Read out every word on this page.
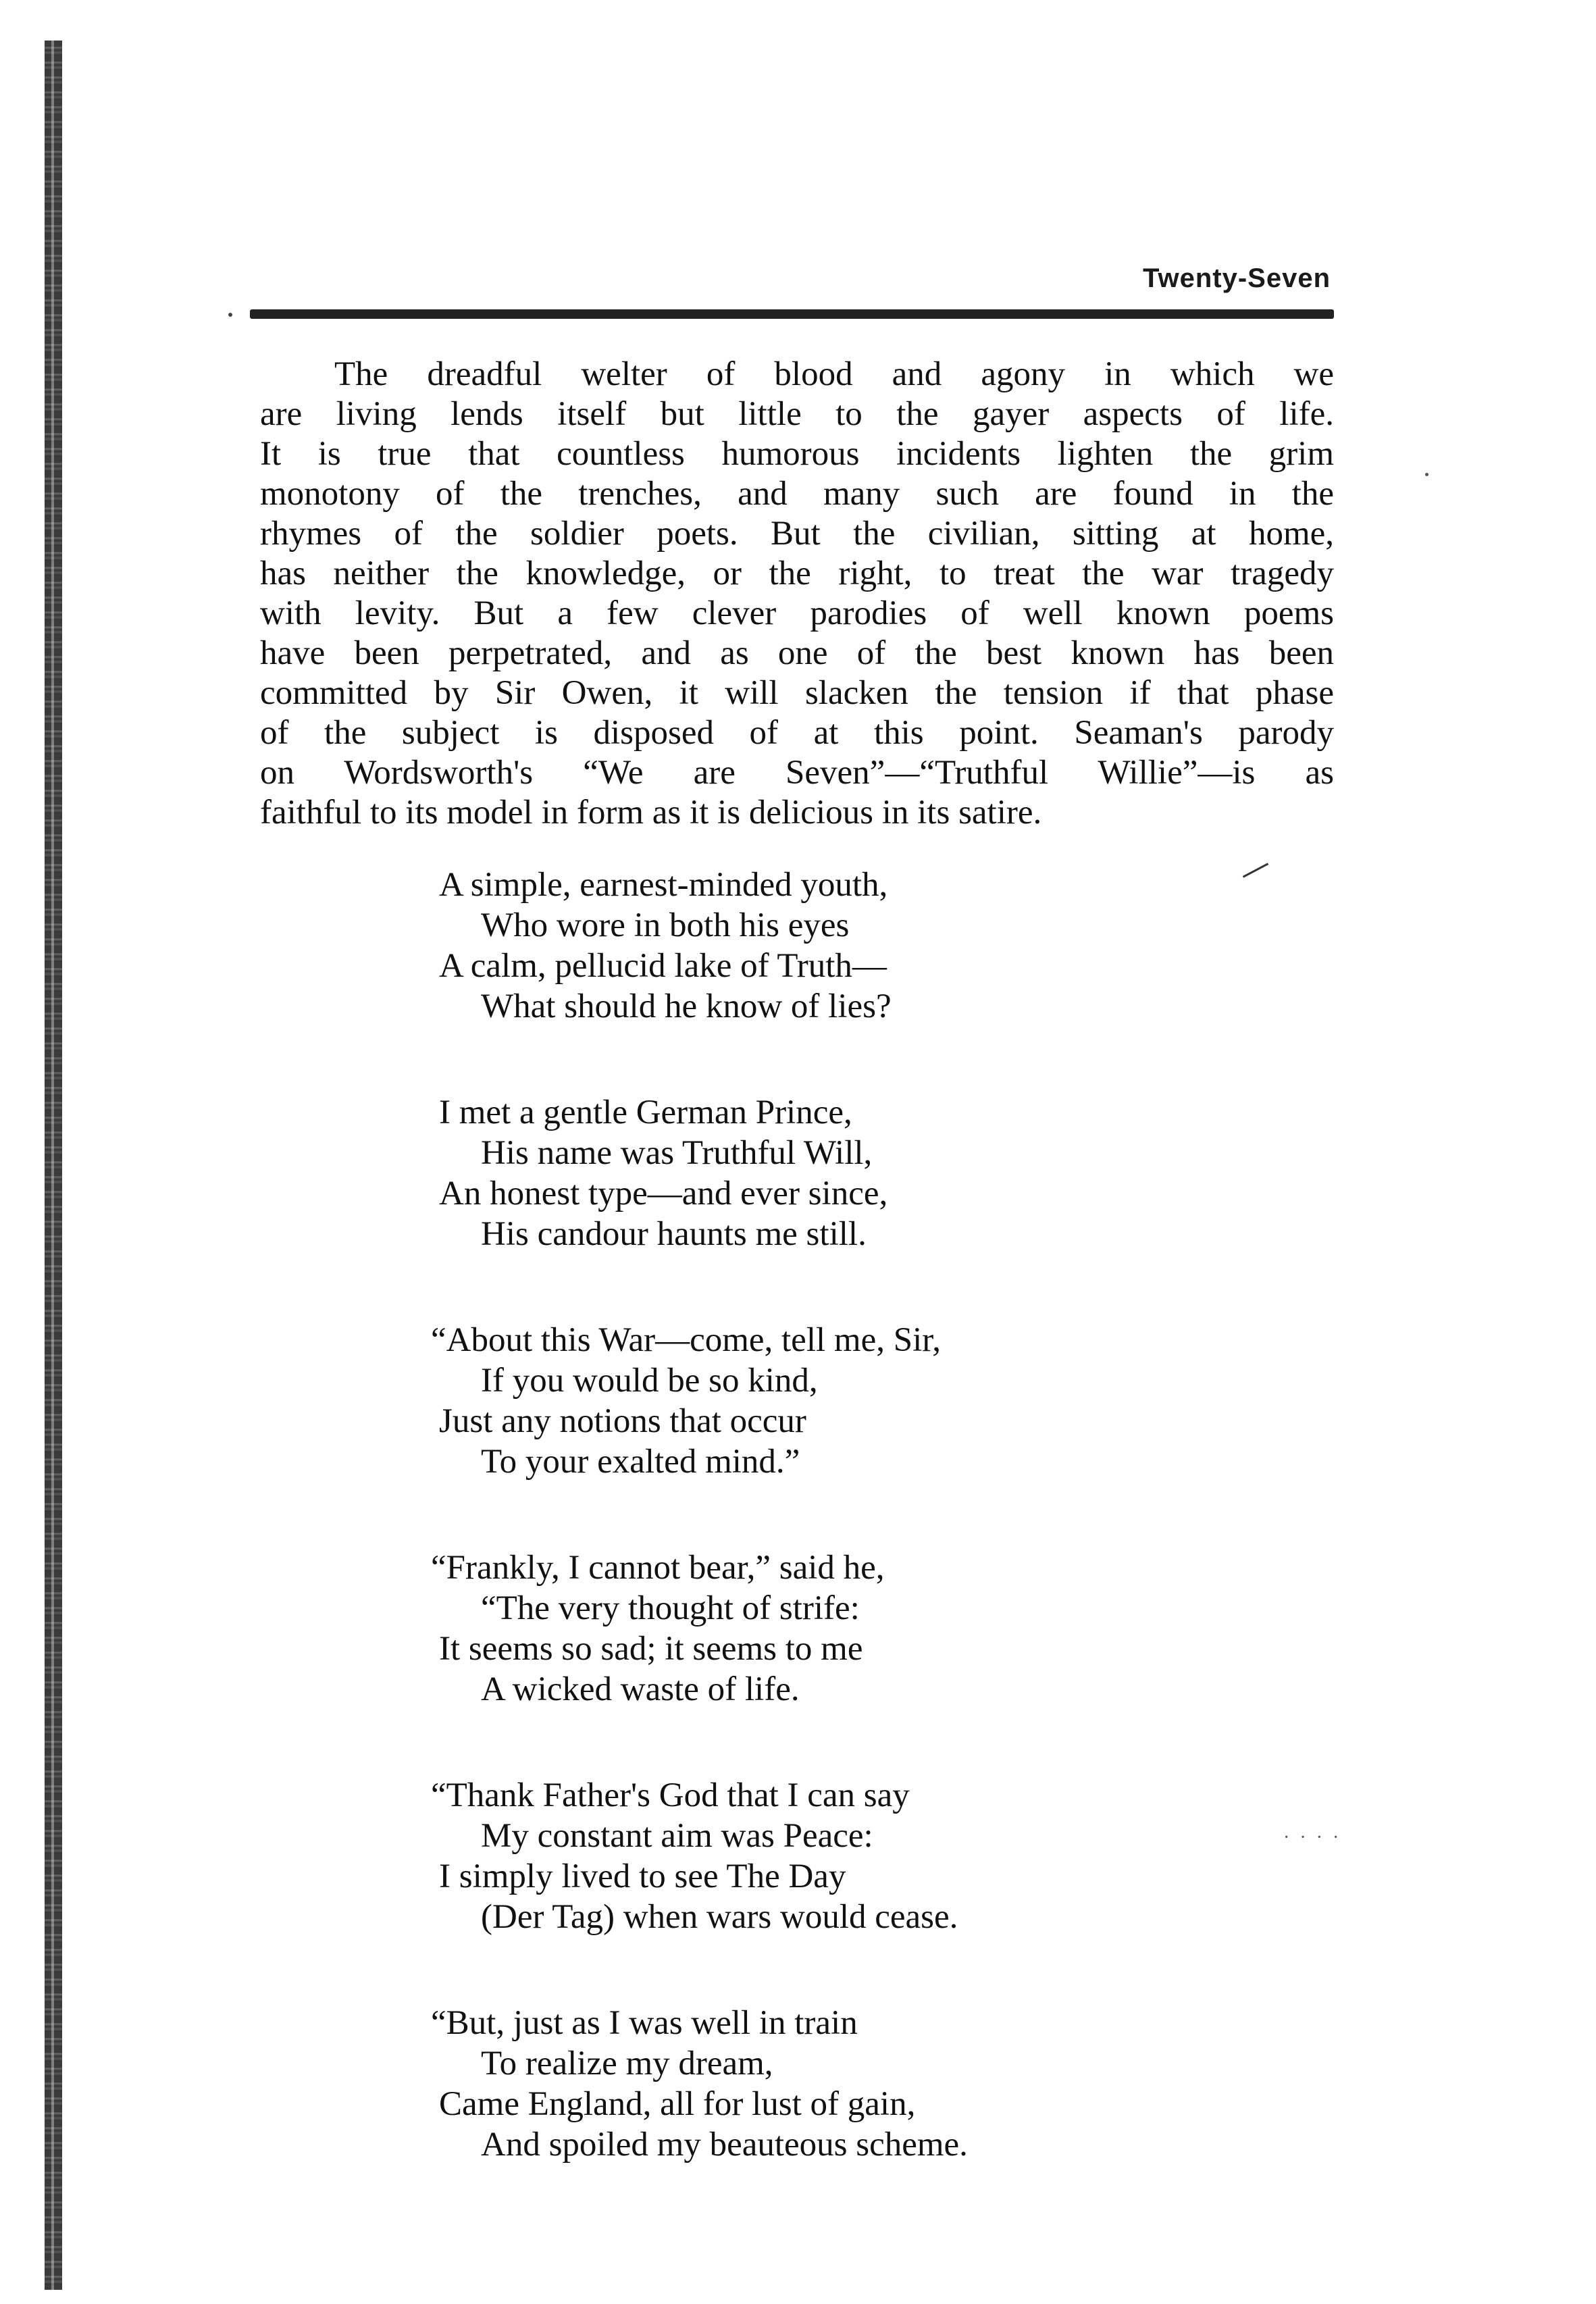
Twenty-Seven
The dreadful welter of blood and agony in which we
are living lends itself but little to the gayer aspects of life.
It is true that countless humorous incidents lighten the grim
monotony of the trenches, and many such are found in the
rhymes of the soldier poets. But the civilian, sitting at home,
has neither the knowledge, or the right, to treat the war tragedy
with levity. But a few clever parodies of well known poems
have been perpetrated, and as one of the best known has been
committed by Sir Owen, it will slacken the tension if that phase
of the subject is disposed of at this point. Seaman's parody
on Wordsworth's “We are Seven”—“Truthful Willie”—is as
faithful to its model in form as it is delicious in its satire.
A simple, earnest-minded youth,
Who wore in both his eyes
A calm, pellucid lake of Truth—
What should he know of lies?
I met a gentle German Prince,
His name was Truthful Will,
An honest type—and ever since,
His candour haunts me still.
“About this War—come, tell me, Sir,
If you would be so kind,
Just any notions that occur
To your exalted mind.”
“Frankly, I cannot bear,” said he,
“The very thought of strife:
It seems so sad; it seems to me
A wicked waste of life.
“Thank Father's God that I can say
My constant aim was Peace:
I simply lived to see The Day
(Der Tag) when wars would cease.
“But, just as I was well in train
To realize my dream,
Came England, all for lust of gain,
And spoiled my beauteous scheme.
· · · ·
